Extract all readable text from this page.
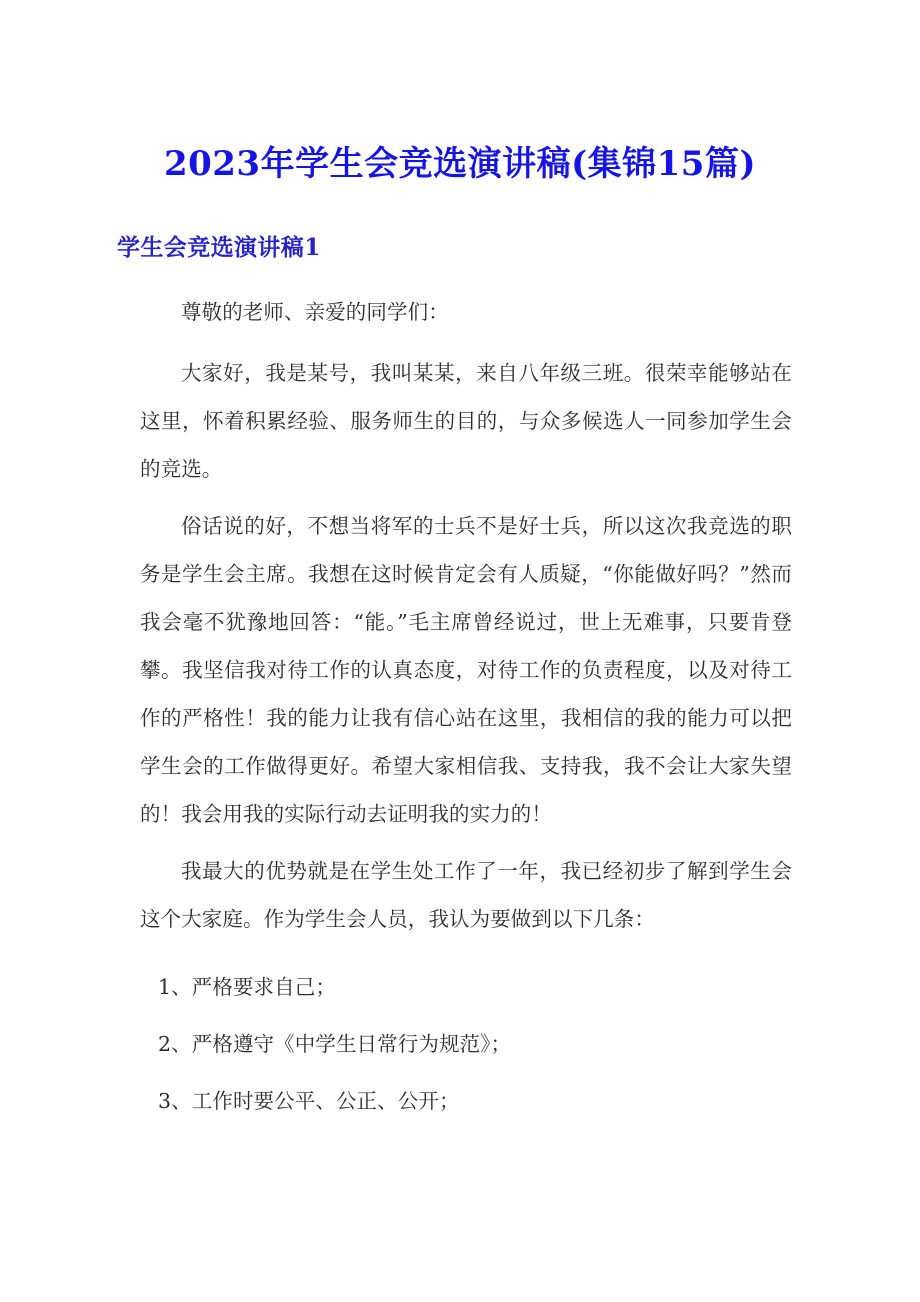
2023年学生会竞选演讲稿(集锦15篇)
学生会竞选演讲稿1

尊敬的老师、亲爱的同学们：

大家好，我是某号，我叫某某，来自八年级三班。很荣幸能够站在这里，怀着积累经验、服务师生的目的，与众多候选人一同参加学生会的竞选。

俗话说的好，不想当将军的士兵不是好士兵，所以这次我竞选的职务是学生会主席。我想在这时候肯定会有人质疑，“你能做好吗？”然而我会毫不犹豫地回答：“能。”毛主席曾经说过，世上无难事，只要肯登攀。我坚信我对待工作的认真态度，对待工作的负责程度，以及对待工作的严格性！我的能力让我有信心站在这里，我相信的我的能力可以把学生会的工作做得更好。希望大家相信我、支持我，我不会让大家失望的！我会用我的实际行动去证明我的实力的！

我最大的优势就是在学生处工作了一年，我已经初步了解到学生会这个大家庭。作为学生会人员，我认为要做到以下几条：

1、严格要求自己；
2、严格遵守《中学生日常行为规范》；
3、工作时要公平、公正、公开；
